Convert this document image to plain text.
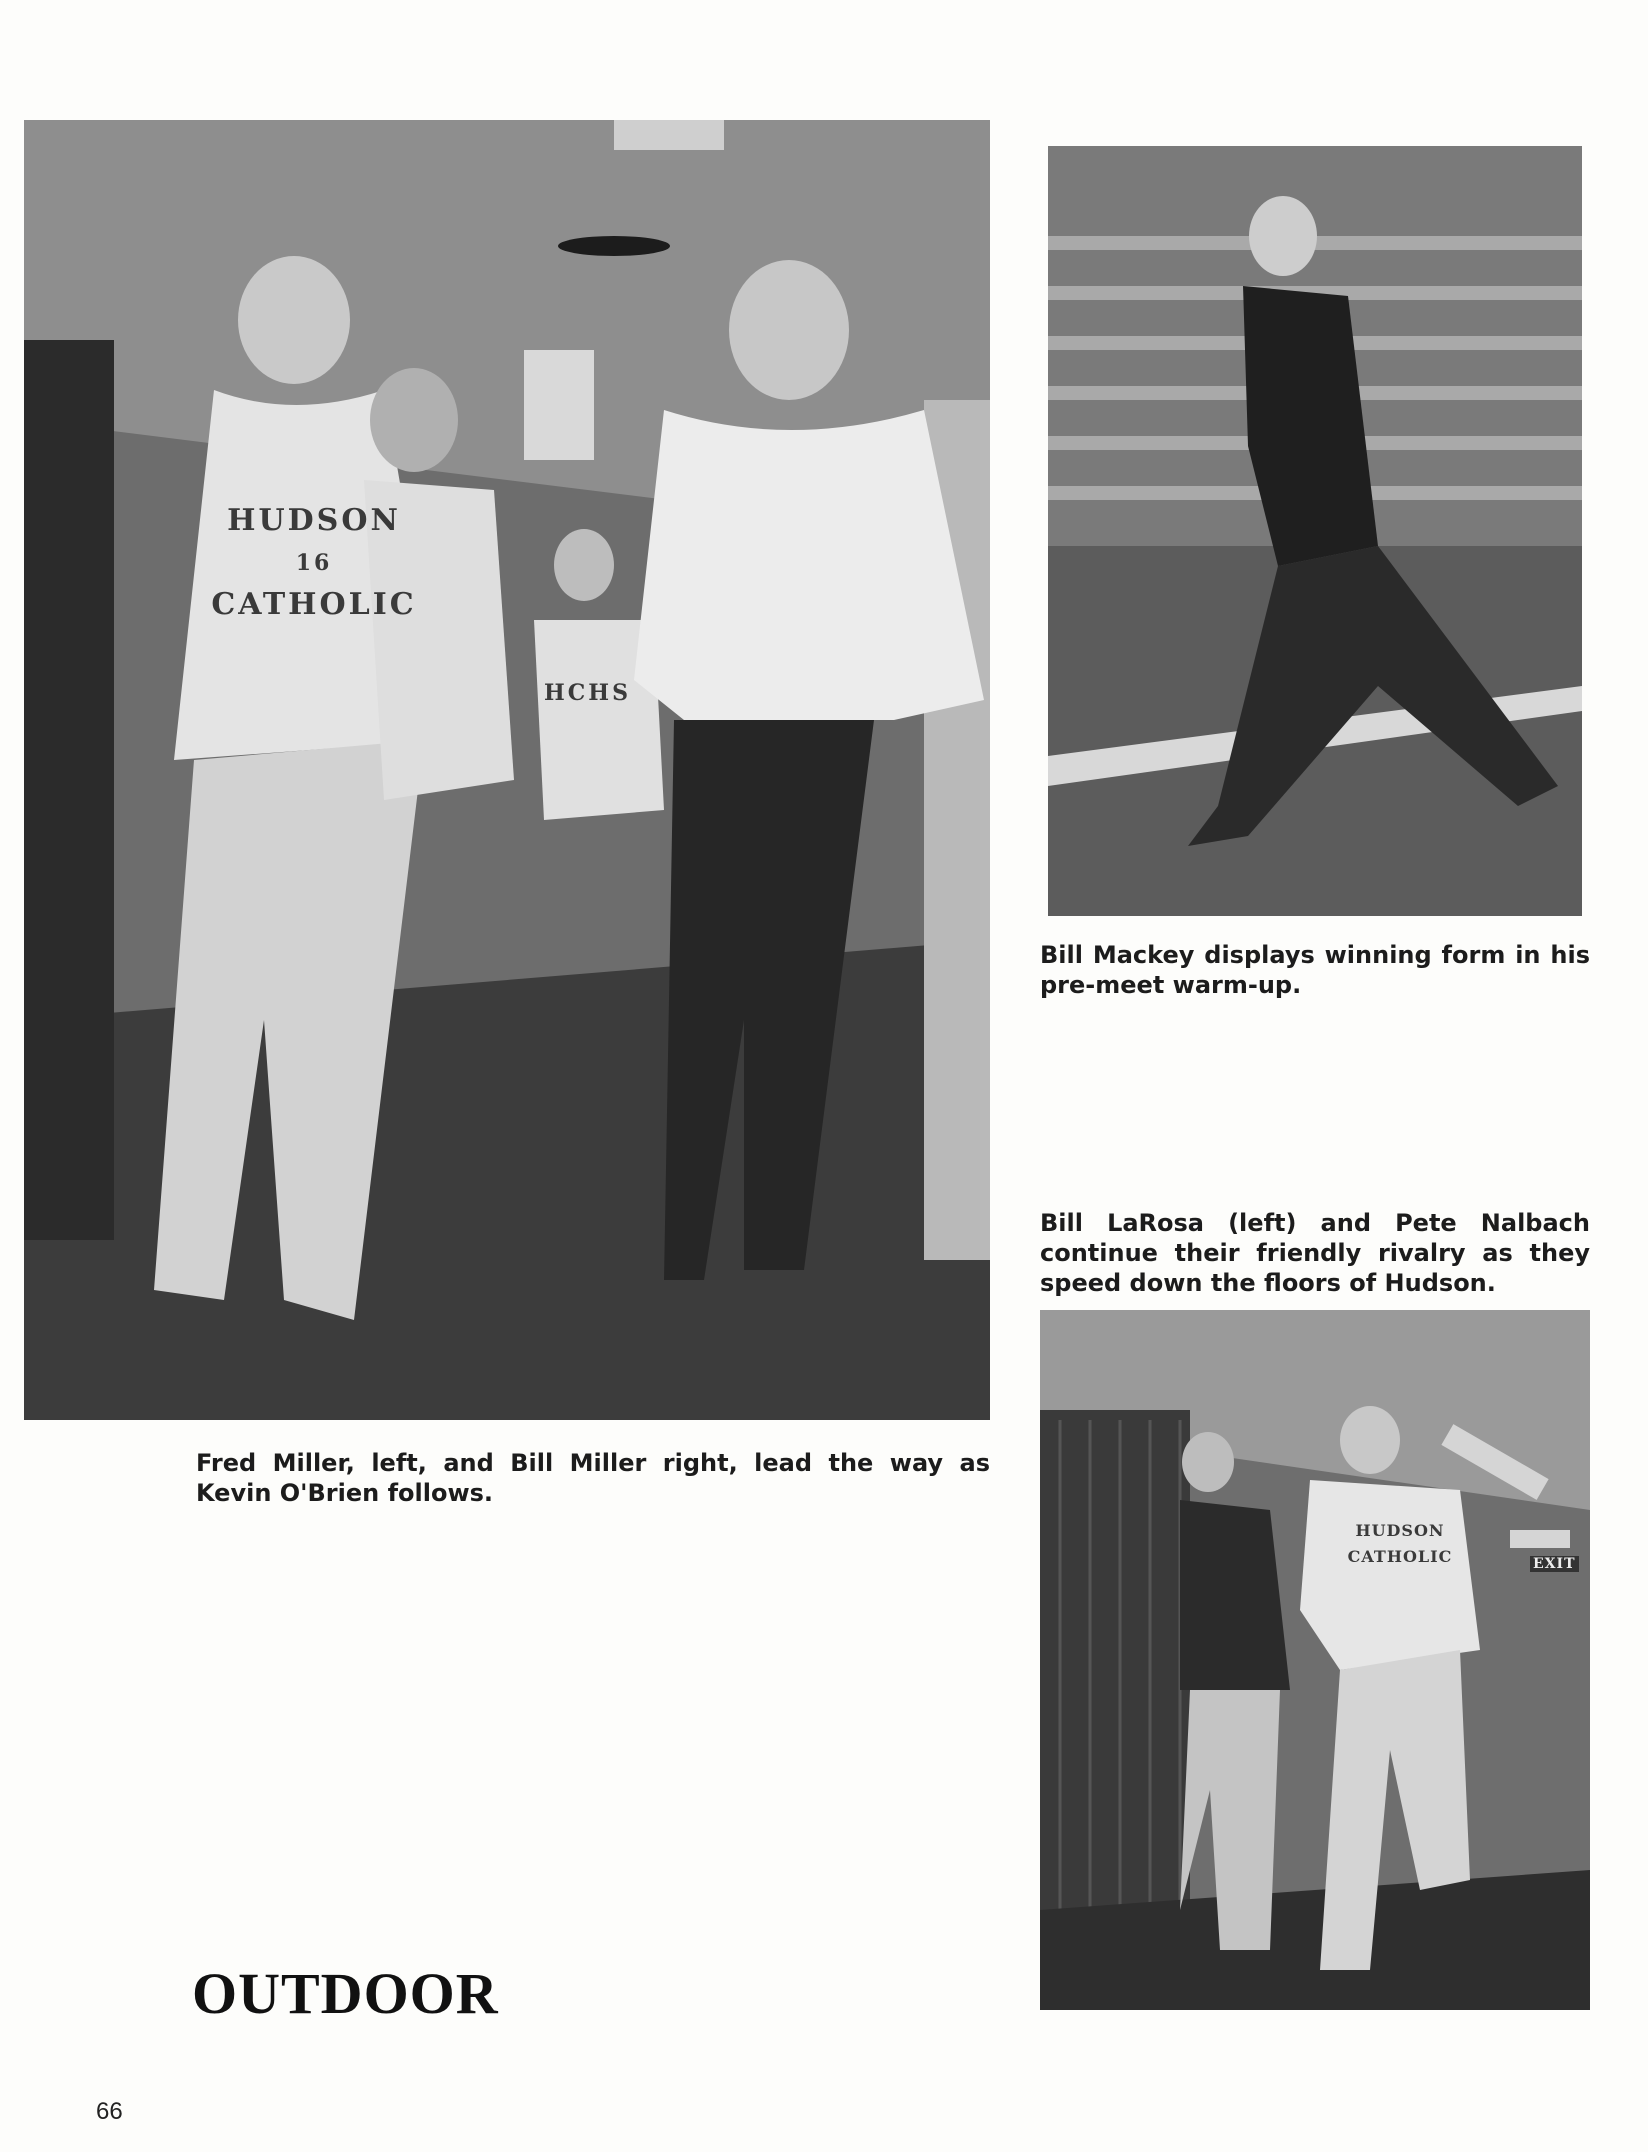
HUDSON
16
CATHOLIC
HCHS
Bill Mackey displays winning form in his pre-meet warm-up.
Bill LaRosa (left) and Pete Nalbach continue their friendly rivalry as they speed down the floors of Hudson.
HUDSON
CATHOLIC	EXIT
Fred Miller, left, and Bill Miller right, lead the way as Kevin O'Brien follows.
OUTDOOR
66
